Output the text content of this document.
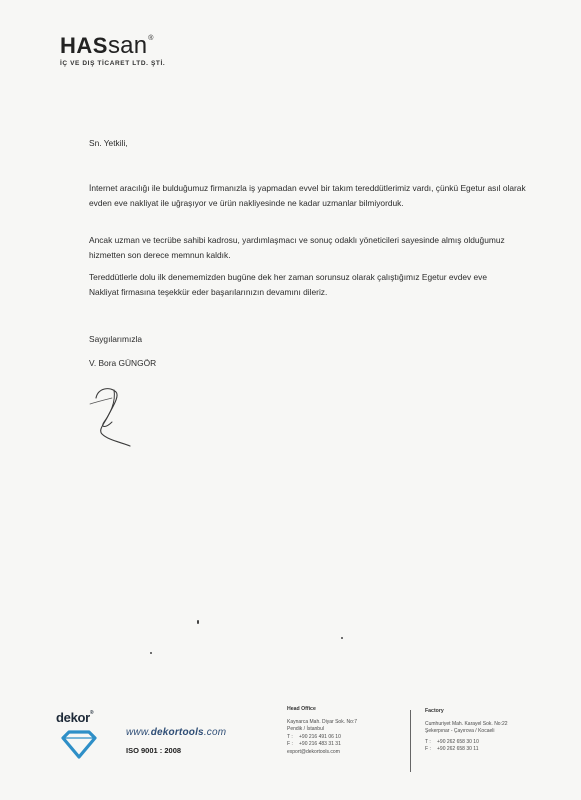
HAS san ®
İÇ VE DIŞ TİCARET LTD. ŞTİ.

Sn. Yetkili,

İnternet aracılığı ile bulduğumuz firmanızla iş yapmadan evvel bir takım tereddütlerimiz vardı, çünkü Egetur asıl olarak evden eve nakliyat ile uğraşıyor ve ürün nakliyesinde ne kadar uzmanlar bilmiyorduk.

Ancak uzman ve tecrübe sahibi kadrosu, yardımlaşmacı ve sonuç odaklı yöneticileri sayesinde almış olduğumuz hizmetten son derece memnun kaldık.

Tereddütlerle dolu ilk denememizden bugüne dek her zaman sorunsuz olarak çalıştığımız Egetur evdev eve Nakliyat firmasına teşekkür eder başarılarınızın devamını dileriz.

Saygılarımızla

V. Bora GÜNGÖR

dekor®
www.dekortools.com
ISO 9001 : 2008
Head Office
Kaynarca Mah. Diyar Sok. No:7
Pendik / İstanbul
T :	+90 216 491 06 10
F :	+90 216 483 31 31
export@dekortools.com
Factory
Cumhuriyet Mah. Karayel Sok. No:22
Şekerpınar - Çayırova / Kocaeli
T :	+90 262 658 30 10
F :	+90 262 658 30 11
